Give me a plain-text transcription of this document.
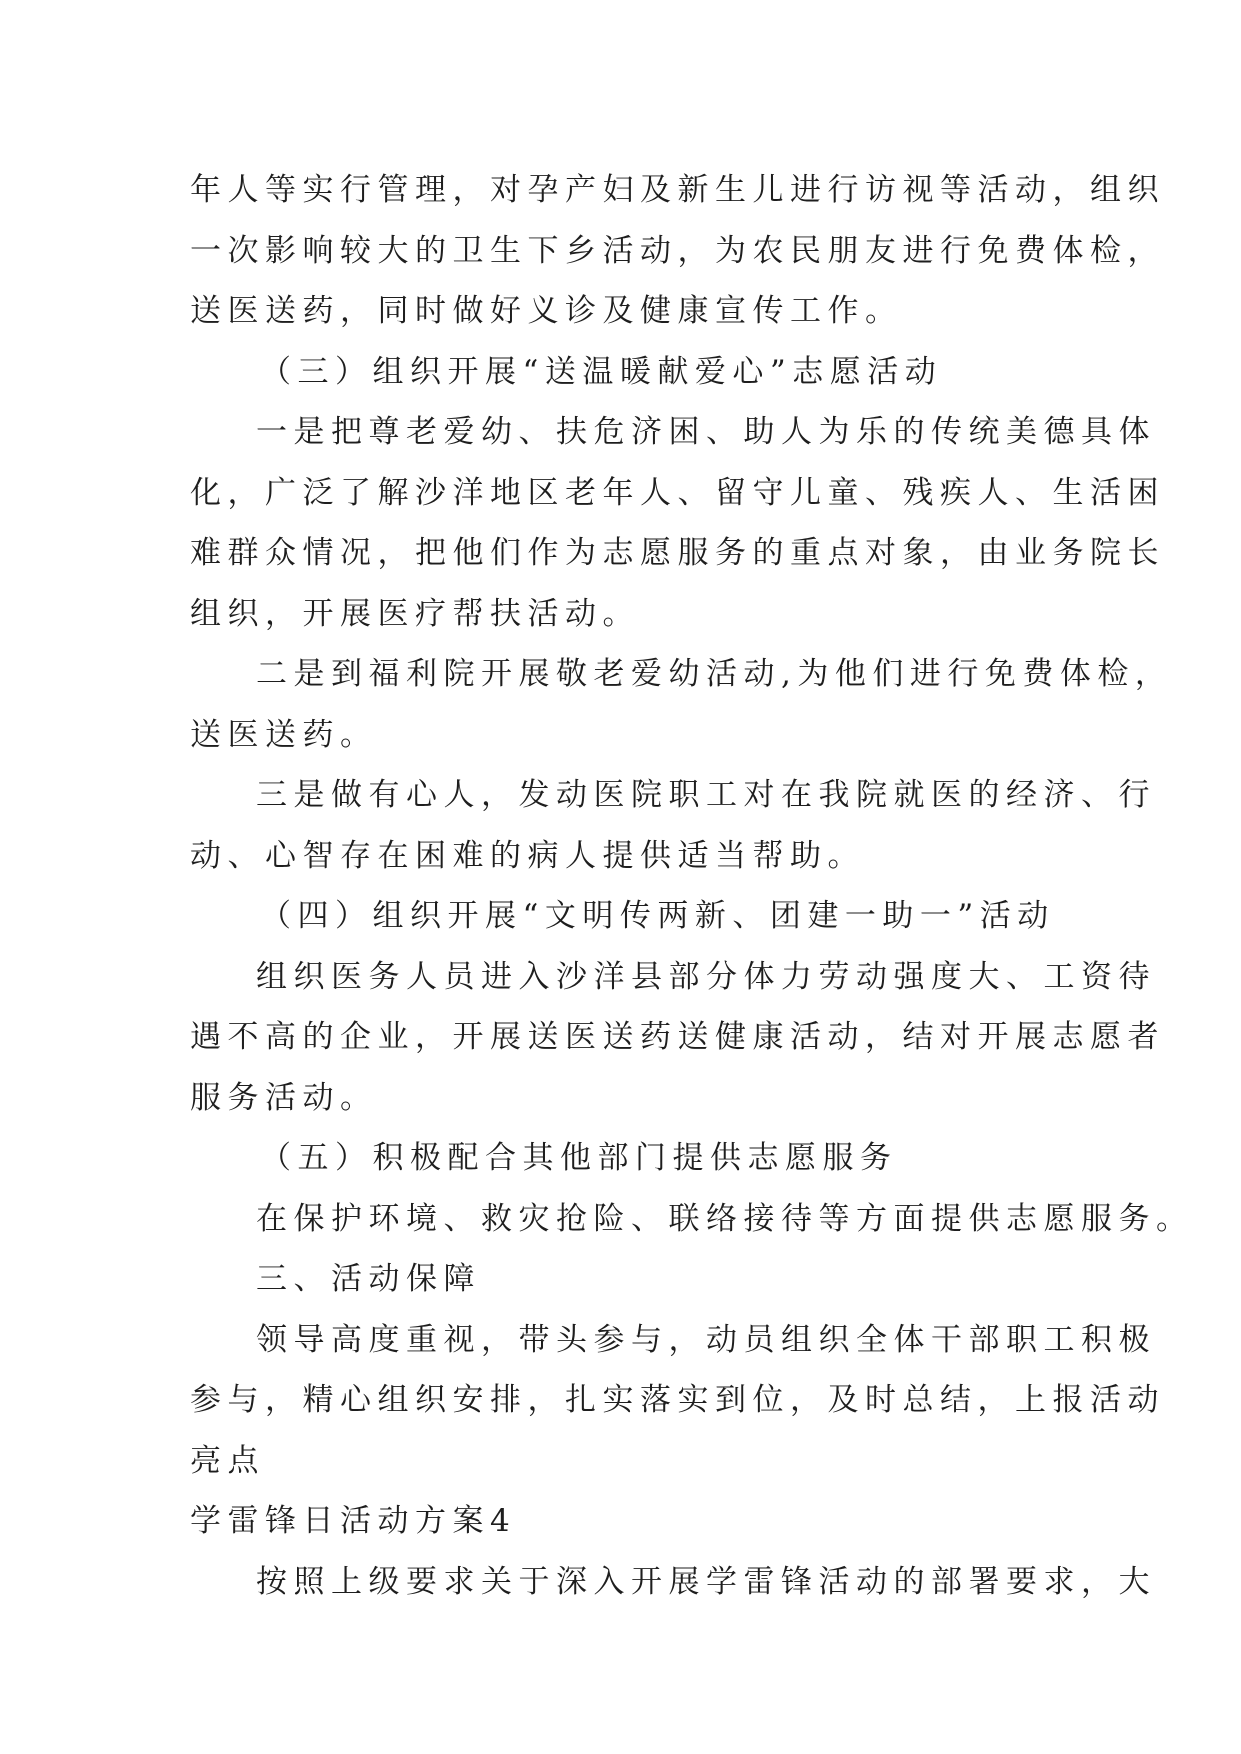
年人等实行管理，对孕产妇及新生儿进行访视等活动，组织
一次影响较大的卫生下乡活动，为农民朋友进行免费体检，
送医送药，同时做好义诊及健康宣传工作。
（三）组织开展“送温暖献爱心”志愿活动
一是把尊老爱幼、扶危济困、助人为乐的传统美德具体
化，广泛了解沙洋地区老年人、留守儿童、残疾人、生活困
难群众情况，把他们作为志愿服务的重点对象，由业务院长
组织，开展医疗帮扶活动。
二是到福利院开展敬老爱幼活动,为他们进行免费体检，
送医送药。
三是做有心人，发动医院职工对在我院就医的经济、行
动、心智存在困难的病人提供适当帮助。
（四）组织开展“文明传两新、团建一助一”活动
组织医务人员进入沙洋县部分体力劳动强度大、工资待
遇不高的企业，开展送医送药送健康活动，结对开展志愿者
服务活动。
（五）积极配合其他部门提供志愿服务
在保护环境、救灾抢险、联络接待等方面提供志愿服务。
三、活动保障
领导高度重视，带头参与，动员组织全体干部职工积极
参与，精心组织安排，扎实落实到位，及时总结，上报活动
亮点
学雷锋日活动方案4
按照上级要求关于深入开展学雷锋活动的部署要求，大
